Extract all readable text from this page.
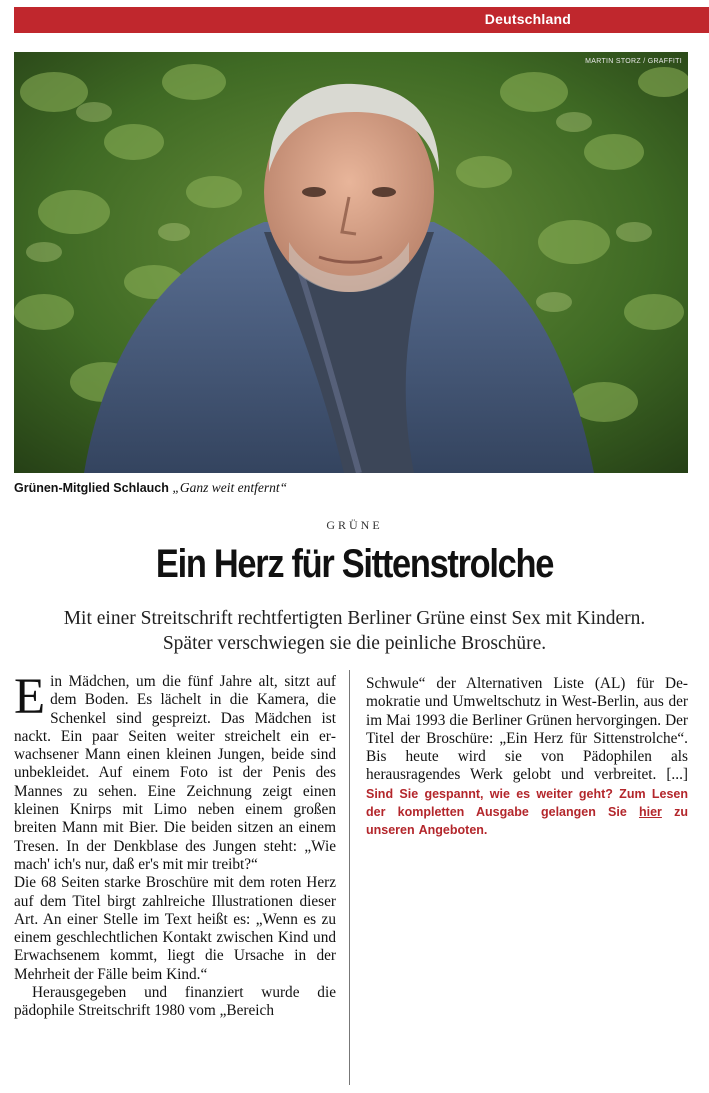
Deutschland
MARTIN STORZ / GRAFFITI
Grünen-Mitglied Schlauch „Ganz weit entfernt“
GRÜNE
Ein Herz für Sittenstrolche
Mit einer Streitschrift rechtfertigten Berliner Grüne einst Sex mit Kindern.
Später verschwiegen sie die peinliche Broschüre.

Ein Mädchen, um die fünf Jahre alt, sitzt auf dem Boden. Es lächelt in die Kamera, die Schenkel sind gespreizt. Das Mädchen ist nackt. Ein paar Seiten weiter streichelt ein erwachsener Mann einen kleinen Jungen, beide sind unbekleidet. Auf einem Foto ist der Penis des Mannes zu sehen. Eine Zeichnung zeigt einen kleinen Knirps mit Limo neben einem großen breiten Mann mit Bier. Die beiden sitzen an einem Tresen. In der Denkblase des Jungen steht: „Wie mach' ich's nur, daß er's mit mir treibt?“

Die 68 Seiten starke Broschüre mit dem roten Herz auf dem Titel birgt zahlreiche Illustrationen dieser Art. An einer Stelle im Text heißt es: „Wenn es zu einem geschlechtlichen Kontakt zwischen Kind und Erwachsenem kommt, liegt die Ursache in der Mehrheit der Fälle beim Kind.“

Herausgegeben und finanziert wurde die pädophile Streitschrift 1980 vom „Bereich

Schwule“ der Alternativen Liste (AL) für Demokratie und Umweltschutz in West-Berlin, aus der im Mai 1993 die Berliner Grünen hervorgingen. Der Titel der Broschüre: „Ein Herz für Sittenstrolche“. Bis heute wird sie von Pädophilen als herausragendes Werk gelobt und verbreitet. [...] Sind Sie gespannt, wie es weiter geht? Zum Lesen der kompletten Ausgabe gelangen Sie hier zu unseren Angeboten.
